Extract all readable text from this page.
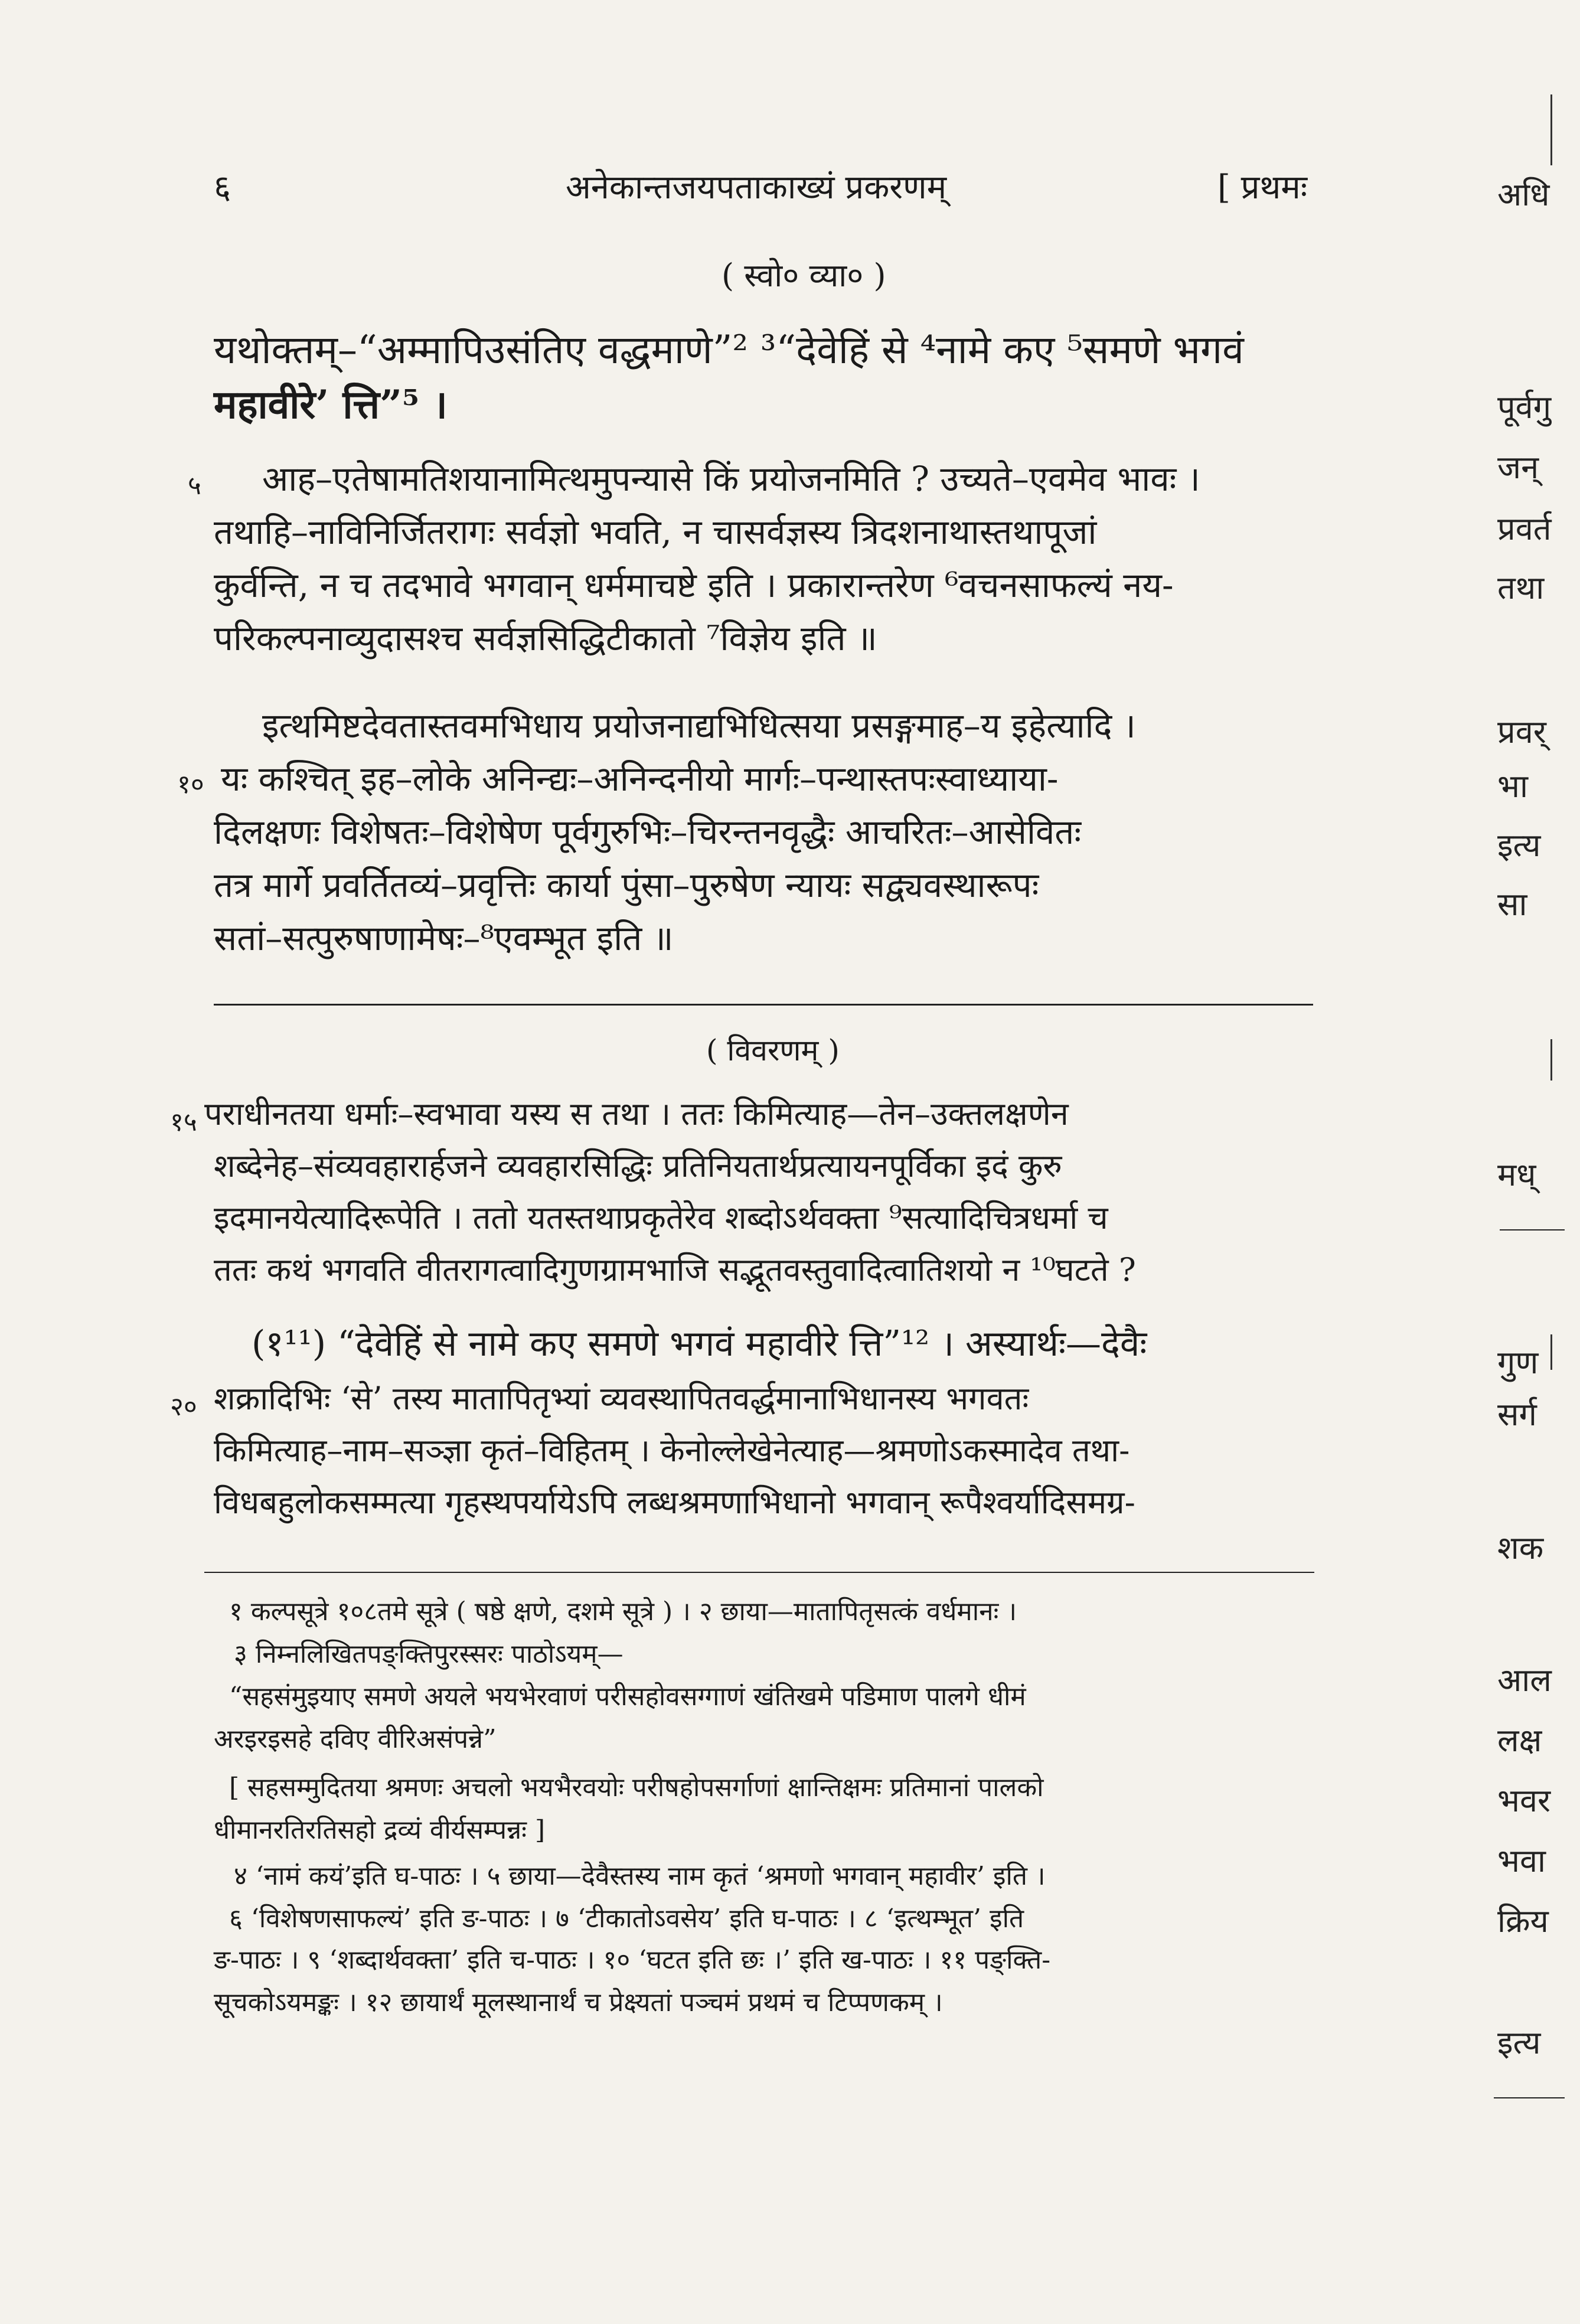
६	अनेकान्तजयपताकाख्यं प्रकरणम्	[ प्रथमः
( स्वो० व्या० )
यथोक्तम्–“अम्मापिउसंतिए वद्धमाणे”² ³“देवेहिं से ⁴नामे कए ⁵समणे भगवं
महावीरे’ त्ति”⁵ ।
५ आह–एतेषामतिशयानामित्थमुपन्यासे किं प्रयोजनमिति ? उच्यते–एवमेव भावः ।
तथाहि–नाविनिर्जितरागः सर्वज्ञो भवति, न चासर्वज्ञस्य त्रिदशनाथास्तथापूजां
कुर्वन्ति, न च तदभावे भगवान् धर्ममाचष्टे इति । प्रकारान्तरेण ⁶वचनसाफल्यं नय-
परिकल्पनाव्युदासश्च सर्वज्ञसिद्धिटीकातो ⁷विज्ञेय इति ॥
इत्थमिष्टदेवतास्तवमभिधाय प्रयोजनाद्यभिधित्सया प्रसङ्गमाह–य इहेत्यादि ।
१० यः कश्चित् इह–लोके अनिन्द्यः–अनिन्दनीयो मार्गः–पन्थास्तपःस्वाध्याया-
दिलक्षणः विशेषतः–विशेषेण पूर्वगुरुभिः–चिरन्तनवृद्धैः आचरितः–आसेवितः
तत्र मार्गे प्रवर्तितव्यं–प्रवृत्तिः कार्या पुंसा–पुरुषेण न्यायः सद्व्यवस्थारूपः
सतां–सत्पुरुषाणामेषः–⁸एवम्भूत इति ॥
( विवरणम् )
१५ पराधीनतया धर्माः–स्वभावा यस्य स तथा । ततः किमित्याह—तेन–उक्तलक्षणेन
शब्देनेह–संव्यवहारार्हजने व्यवहारसिद्धिः प्रतिनियतार्थप्रत्यायनपूर्विका इदं कुरु
इदमानयेत्यादिरूपेति । ततो यतस्तथाप्रकृतेरेव शब्दोऽर्थवक्ता ⁹सत्यादिचित्रधर्मा च
ततः कथं भगवति वीतरागत्वादिगुणग्रामभाजि सद्भूतवस्तुवादित्वातिशयो न ¹⁰घटते ?
(१¹¹) “देवेहिं से नामे कए समणे भगवं महावीरे त्ति”¹² । अस्यार्थः—देवैः
२० शक्रादिभिः ‘से’ तस्य मातापितृभ्यां व्यवस्थापितवर्द्धमानाभिधानस्य भगवतः
किमित्याह–नाम–सञ्ज्ञा कृतं–विहितम् । केनोल्लेखेनेत्याह—श्रमणोऽकस्मादेव तथा-
विधबहुलोकसम्मत्या गृहस्थपर्यायेऽपि लब्धश्रमणाभिधानो भगवान् रूपैश्वर्यादिसमग्र-
१ कल्पसूत्रे १०८तमे सूत्रे ( षष्ठे क्षणे, दशमे सूत्रे ) । २ छाया—मातापितृसत्कं वर्धमानः ।
३ निम्नलिखितपङ्क्तिपुरस्सरः पाठोऽयम्—
“सहसंमुइयाए समणे अयले भयभेरवाणं परीसहोवसग्गाणं खंतिखमे पडिमाण पालगे धीमं
अरइरइसहे दविए वीरिअसंपन्ने”
[ सहसम्मुदितया श्रमणः अचलो भयभैरवयोः परीषहोपसर्गाणां क्षान्तिक्षमः प्रतिमानां पालको
धीमानरतिरतिसहो द्रव्यं वीर्यसम्पन्नः ]
४ ‘नामं कयं’इति घ-पाठः । ५ छाया—देवैस्तस्य नाम कृतं ‘श्रमणो भगवान् महावीर’ इति ।
६ ‘विशेषणसाफल्यं’ इति ङ-पाठः । ७ ‘टीकातोऽवसेय’ इति घ-पाठः । ८ ‘इत्थम्भूत’ इति
ङ-पाठः । ९ ‘शब्दार्थवक्ता’ इति च-पाठः । १० ‘घटत इति छः ।’ इति ख-पाठः । ११ पङ्क्ति-
सूचकोऽयमङ्कः । १२ छायार्थं मूलस्थानार्थं च प्रेक्ष्यतां पञ्चमं प्रथमं च टिप्पणकम् ।
अधि
पूर्वगु
जन्
प्रवर्त
तथा
प्रवर्
भा
इत्य
सा
मध्
गुण
सर्ग
शक
आल
लक्ष
भवर
भवा
क्रिय
इत्य
